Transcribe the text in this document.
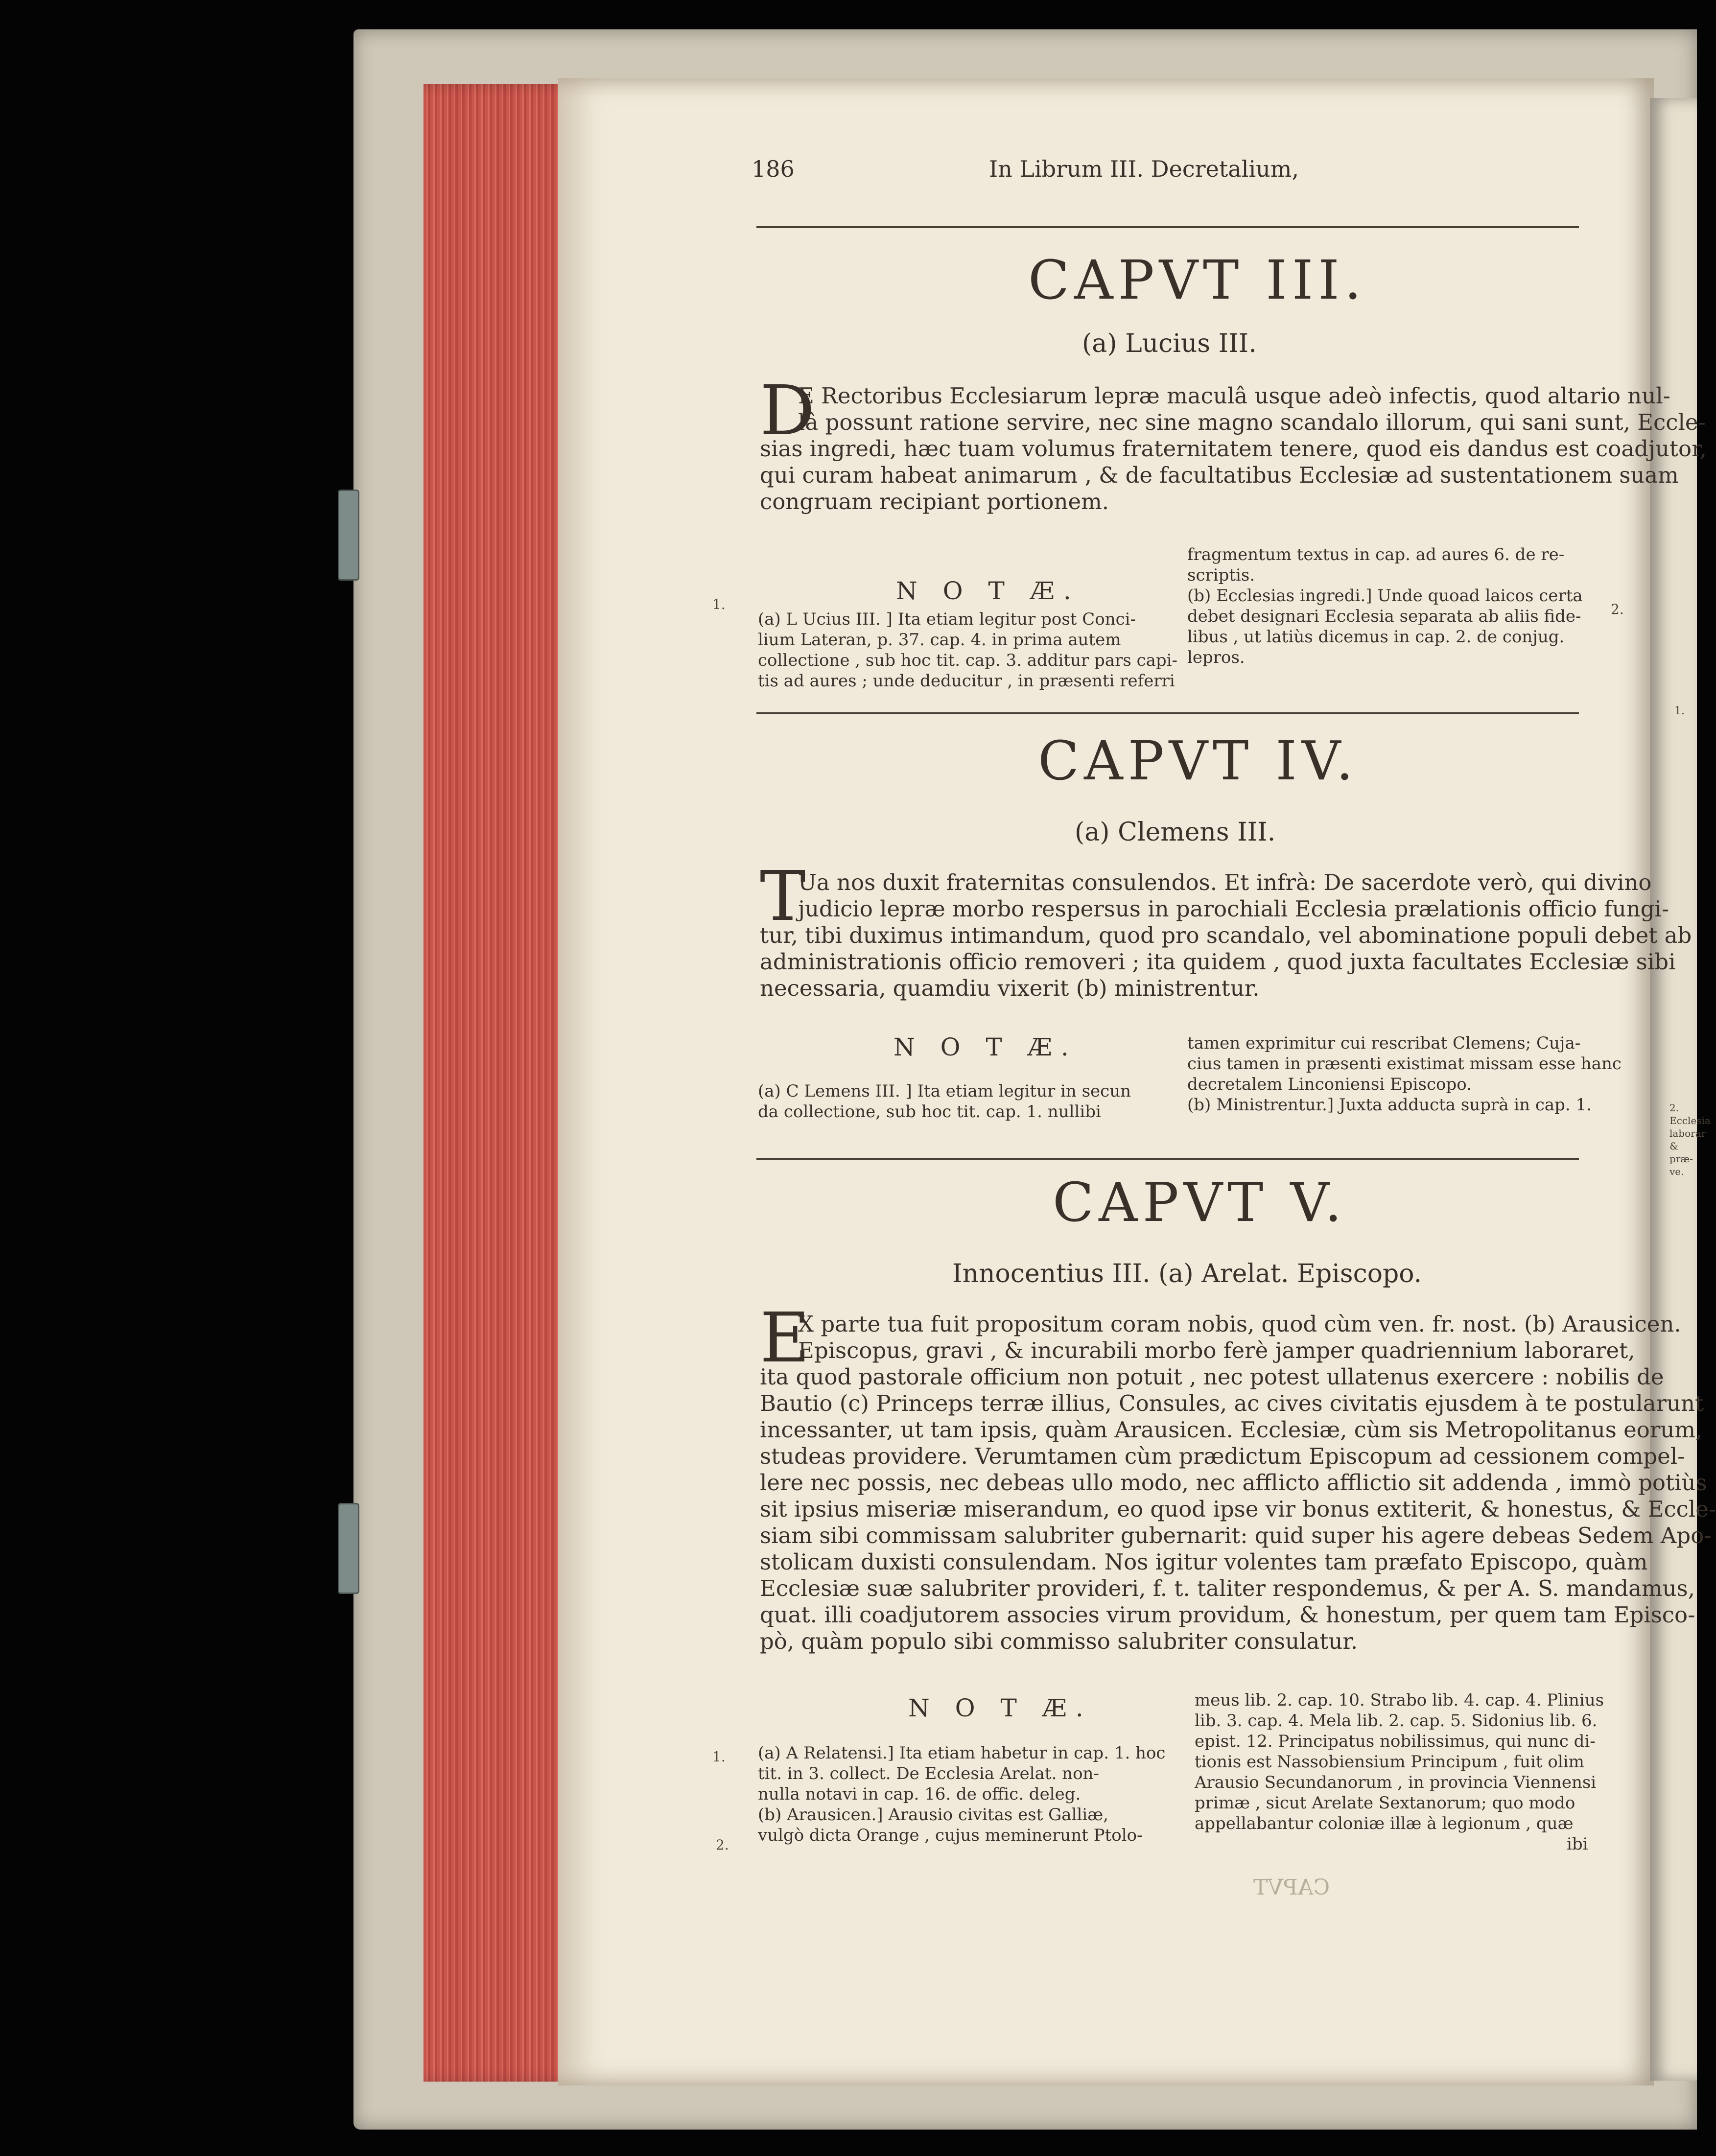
186	In Librum III. Decretalium,
CAPVT III.
(a) Lucius III.
D
E Rectoribus Ecclesiarum lepræ maculâ usque adeò infectis, quod altario nul-
lâ possunt ratione servire, nec sine magno scandalo illorum, qui sani sunt, Eccle-
sias ingredi, hæc tuam volumus fraternitatem tenere, quod eis dandus est coadjutor,
qui curam habeat animarum , & de facultatibus Ecclesiæ ad sustentationem suam
congruam recipiant portionem.
N O T Æ.
(a) L Ucius III. ] Ita etiam legitur post Conci-
lium Lateran, p. 37. cap. 4. in prima autem
collectione , sub hoc tit. cap. 3. additur pars capi-
tis ad aures ; unde deducitur , in præsenti referri
fragmentum textus in cap. ad aures 6. de re-
scriptis.
(b) Ecclesias ingredi.] Unde quoad laicos certa
debet designari Ecclesia separata ab aliis fide-
libus , ut latiùs dicemus in cap. 2. de conjug.
lepros.
1.	2.
CAPVT IV.
(a) Clemens III.
T
Ua nos duxit fraternitas consulendos. Et infrà: De sacerdote verò, qui divino
judicio lepræ morbo respersus in parochiali Ecclesia prælationis officio fungi-
tur, tibi duximus intimandum, quod pro scandalo, vel abominatione populi debet ab
administrationis officio removeri ; ita quidem , quod juxta facultates Ecclesiæ sibi
necessaria, quamdiu vixerit (b) ministrentur.
N O T Æ.
(a) C Lemens III. ] Ita etiam legitur in secun
da collectione, sub hoc tit. cap. 1. nullibi
tamen exprimitur cui rescribat Clemens; Cuja-
cius tamen in præsenti existimat missam esse hanc
decretalem Linconiensi Episcopo.
(b) Ministrentur.] Juxta adducta suprà in cap. 1.
1.
2.
Ecclesia
laborar
& præ-
ve.
CAPVT V.
Innocentius III. (a) Arelat. Episcopo.
E
X parte tua fuit propositum coram nobis, quod cùm ven. fr. nost. (b) Arausicen.
Episcopus, gravi , & incurabili morbo ferè jamper quadriennium laboraret,
ita quod pastorale officium non potuit , nec potest ullatenus exercere : nobilis de
Bautio (c) Princeps terræ illius, Consules, ac cives civitatis ejusdem à te postularunt
incessanter, ut tam ipsis, quàm Arausicen. Ecclesiæ, cùm sis Metropolitanus eorum,
studeas providere. Verumtamen cùm prædictum Episcopum ad cessionem compel-
lere nec possis, nec debeas ullo modo, nec afflicto afflictio sit addenda , immò potiùs
sit ipsius miseriæ miserandum, eo quod ipse vir bonus extiterit, & honestus, & Eccle-
siam sibi commissam salubriter gubernarit: quid super his agere debeas Sedem Apo-
stolicam duxisti consulendam. Nos igitur volentes tam præfato Episcopo, quàm
Ecclesiæ suæ salubriter provideri, f. t. taliter respondemus, & per A. S. mandamus,
quat. illi coadjutorem associes virum providum, & honestum, per quem tam Episco-
pò, quàm populo sibi commisso salubriter consulatur.
N O T Æ.
(a) A Relatensi.] Ita etiam habetur in cap. 1. hoc
tit. in 3. collect. De Ecclesia Arelat. non-
nulla notavi in cap. 16. de offic. deleg.
(b) Arausicen.] Arausio civitas est Galliæ,
vulgò dicta Orange , cujus meminerunt Ptolo-
meus lib. 2. cap. 10. Strabo lib. 4. cap. 4. Plinius
lib. 3. cap. 4. Mela lib. 2. cap. 5. Sidonius lib. 6.
epist. 12. Principatus nobilissimus, qui nunc di-
tionis est Nassobiensium Principum , fuit olim
Arausio Secundanorum , in provincia Viennensi
primæ , sicut Arelate Sextanorum; quo modo
appellabantur coloniæ illæ à legionum , quæ
ibi
1.
2.
CAPVT
